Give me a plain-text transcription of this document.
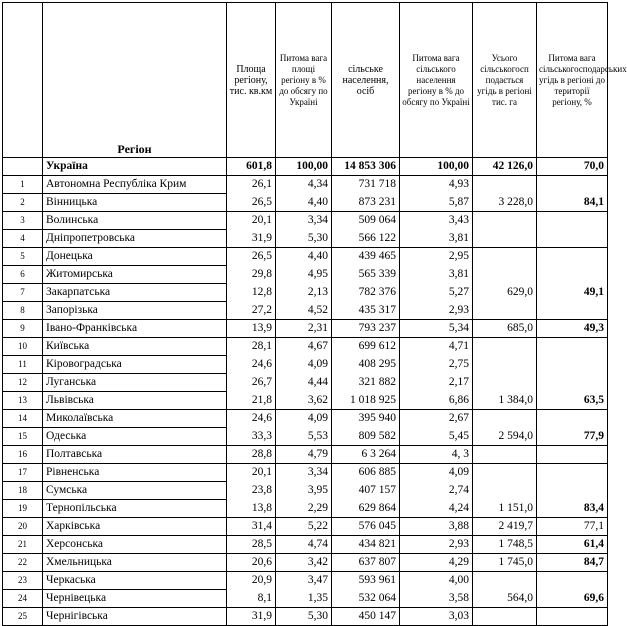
	Регіон	Площа регіону, тис. кв.км	Питома вага площі регіону в % до обсягу по Україні	сільське населення, осіб	Питома вага сільського населення регіону в % до обсягу по Україні	Усього сільськогосп подається угідь в регіоні тис. га	Питома вага сільськогосподарських угідь в регіоні до території регіону, %
	Україна	601,8	100,00	14 853 306	100,00	42 126,0	70,0
1	Автономна Республіка Крим	26,1	4,34	731 718	4,93		
2	Вінницька	26,5	4,40	873 231	5,87	3 228,0	84,1
3	Волинська	20,1	3,34	509 064	3,43		
4	Дніпропетровська	31,9	5,30	566 122	3,81		
5	Донецька	26,5	4,40	439 465	2,95		
6	Житомирська	29,8	4,95	565 339	3,81		
7	Закарпатська	12,8	2,13	782 376	5,27	629,0	49,1
8	Запорізька	27,2	4,52	435 317	2,93		
9	Івано-Франківська	13,9	2,31	793 237	5,34	685,0	49,3
10	Київська	28,1	4,67	699 612	4,71		
11	Кіровоградська	24,6	4,09	408 295	2,75		
12	Луганська	26,7	4,44	321 882	2,17		
13	Львівська	21,8	3,62	1 018 925	6,86	1 384,0	63,5
14	Миколаївська	24,6	4,09	395 940	2,67		
15	Одеська	33,3	5,53	809 582	5,45	2 594,0	77,9
16	Полтавська	28,8	4,79	6 3 264	4, 3		
17	Рівненська	20,1	3,34	606 885	4,09		
18	Сумська	23,8	3,95	407 157	2,74		
19	Тернопільська	13,8	2,29	629 864	4,24	1 151,0	83,4
20	Харківська	31,4	5,22	576 045	3,88	2 419,7	77,1
21	Херсонська	28,5	4,74	434 821	2,93	1 748,5	61,4
22	Хмельницька	20,6	3,42	637 807	4,29	1 745,0	84,7
23	Черкаська	20,9	3,47	593 961	4,00		
24	Чернівецька	8,1	1,35	532 064	3,58	564,0	69,6
25	Чернігівська	31,9	5,30	450 147	3,03		
